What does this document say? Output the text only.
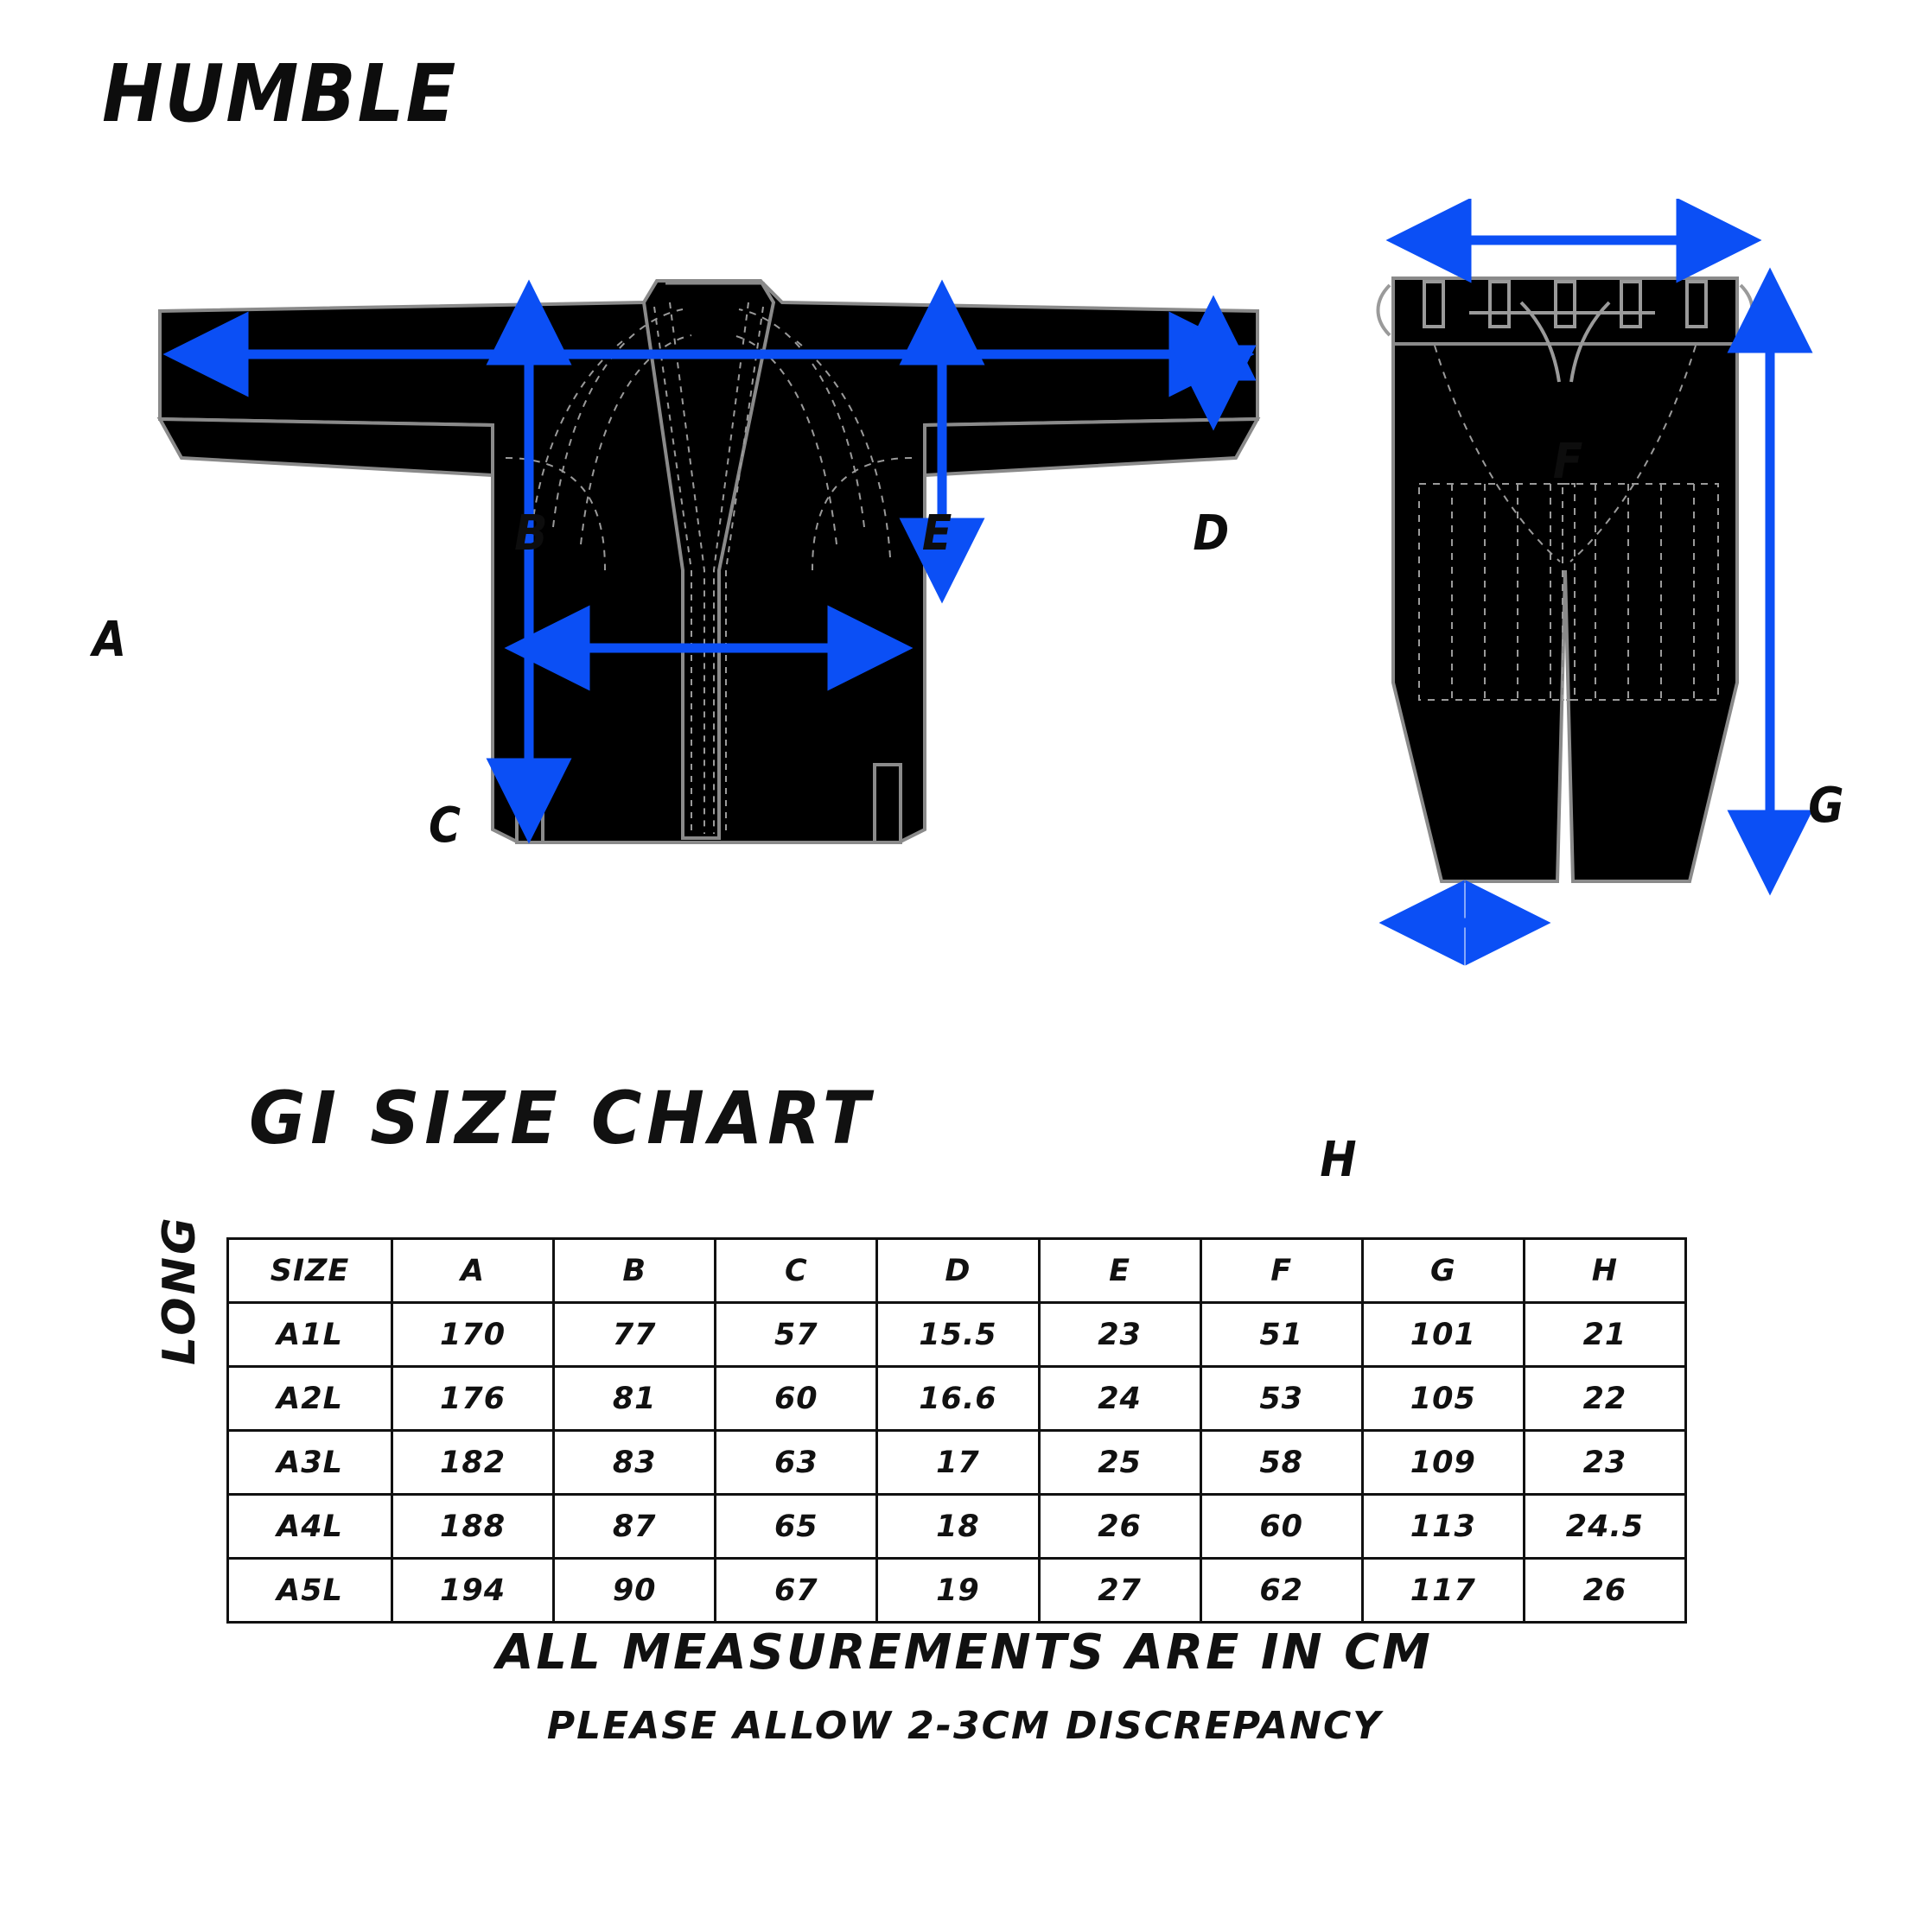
HUMBLE
A
B
C
D
E
F
G
H
GI SIZE CHART
LONG SIZE	A	B	C	D	E	F	G	H
A1L	170	77	57	15.5	23	51	101	21
A2L	176	81	60	16.6	24	53	105	22
A3L	182	83	63	17	25	58	109	23
A4L	188	87	65	18	26	60	113	24.5
A5L	194	90	67	19	27	62	117	26
ALL MEASUREMENTS ARE IN CM
PLEASE ALLOW 2-3CM DISCREPANCY
